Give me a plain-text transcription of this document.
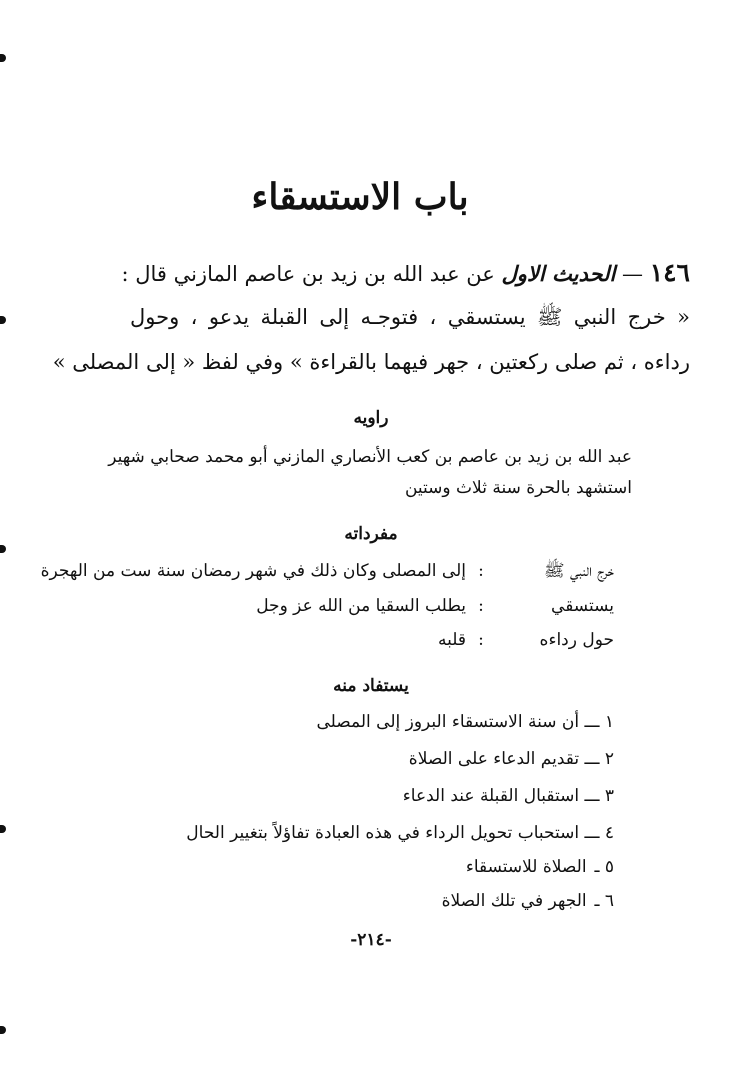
باب الاستسقاء
١٤٦ — الحديث الاول عن عبد الله بن زيد بن عاصم المازني قال :
« خرج النبي ﷺ يستسقي ، فتوجـه إلى القبلة يدعو ، وحول
رداءه ، ثم صلى ركعتين ، جهر فيهما بالقراءة » وفي لفظ « إلى المصلى »
راويه
عبد الله بن زيد بن عاصم بن كعب الأنصاري المازني أبو محمد صحابي شهير
استشهد بالحرة سنة ثلاث وستين
مفرداته
خرج النبي ﷺ:إلى المصلى وكان ذلك في شهر رمضان سنة ست من الهجرة
يستسقي:يطلب السقيا من الله عز وجل
حول رداءه:قلبه
يستفاد منه
١ ـــ أن سنة الاستسقاء البروز إلى المصلى
٢ ـــ تقديم الدعاء على الصلاة
٣ ـــ استقبال القبلة عند الدعاء
٤ ـــ استحباب تحويل الرداء في هذه العبادة تفاؤلاً بتغيير الحال
٥ ـ الصلاة للاستسقاء
٦ ـ الجهر في تلك الصلاة
-٢١٤-
